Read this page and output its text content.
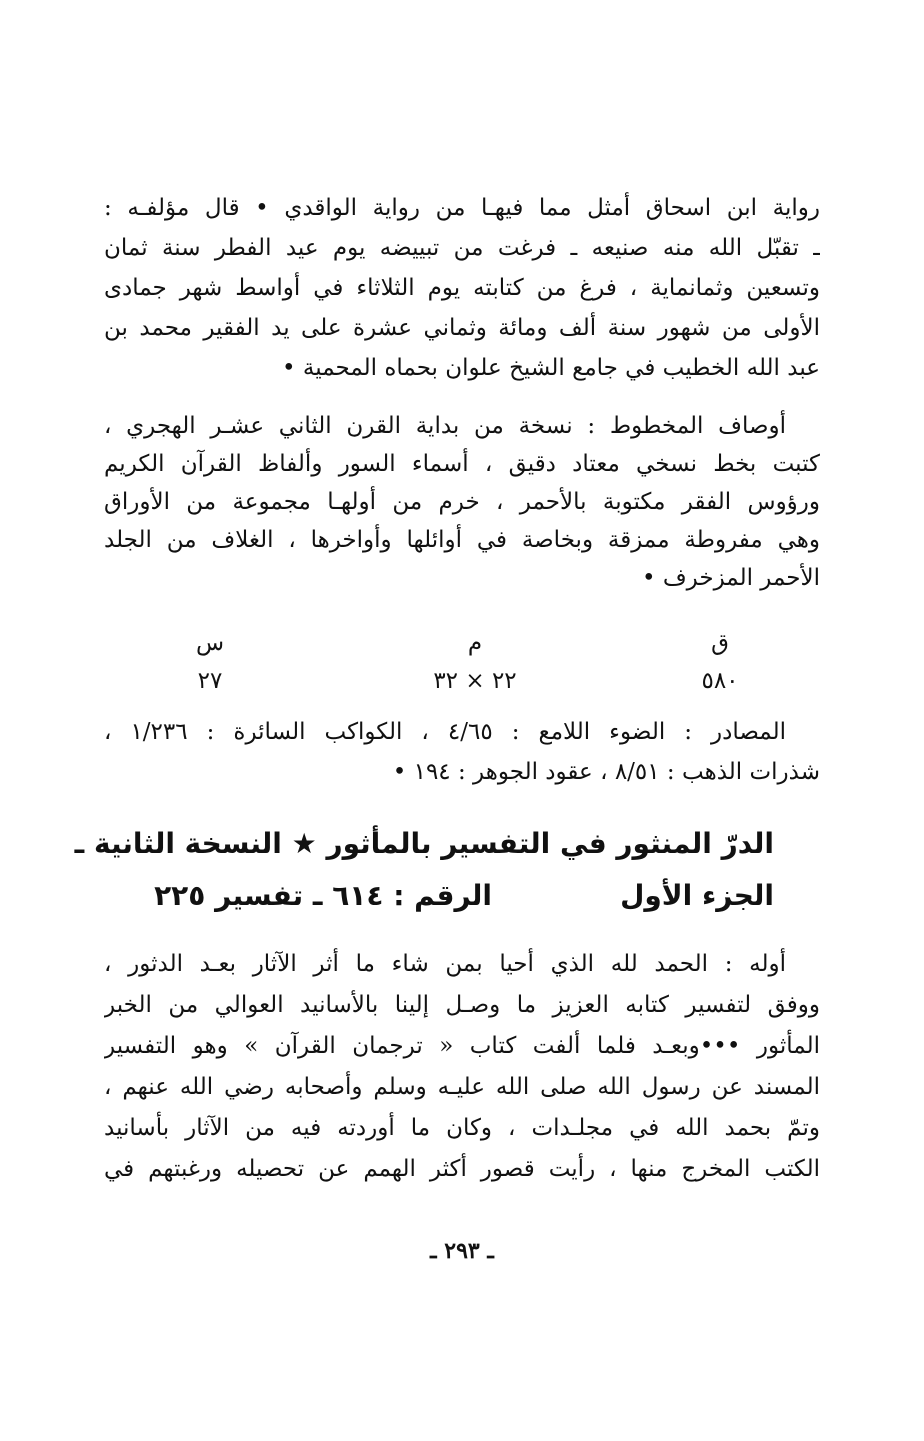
رواية ابن اسحاق أمثل مما فيهـا من رواية الواقدي • قال مؤلفـه :
ـ تقبّل الله منه صنيعه ـ فرغت من تبييضه يوم عيد الفطر سنة ثمان
وتسعين وثمانماية ، فرغ من كتابته يوم الثلاثاء في أواسط شهر جمادى
الأولى من شهور سنة ألف ومائة وثماني عشرة على يد الفقير محمد بن
عبد الله الخطيب في جامع الشيخ علوان بحماه المحمية •
أوصاف المخطوط : نسخة من بداية القرن الثاني عشـر الهجري ،
كتبت بخط نسخي معتاد دقيق ، أسماء السور وألفاظ القرآن الكريم
ورؤوس الفقر مكتوبة بالأحمر ، خرم من أولهـا مجموعة من الأوراق
وهي مفروطة ممزقة وبخاصة في أوائلها وأواخرها ، الغلاف من الجلد
الأحمر المزخرف •
ق
م
س
٥٨٠
٢٢ × ٣٢
٢٧
المصادر : الضوء اللامع : ٤/٦٥ ، الكواكب السائرة : ١/٢٣٦ ،
شذرات الذهب : ٨/٥١ ، عقود الجوهر : ١٩٤ •
الدرّ المنثور في التفسير بالمأثور ★ النسخة الثانية ـ
الجزء الأول
الرقم : ٦١٤ ـ تفسير ٢٢٥
أوله : الحمد لله الذي أحيا بمن شاء ما أثر الآثار بعـد الدثور ،
ووفق لتفسير كتابه العزيز ما وصـل إلينا بالأسانيد العوالي من الخبر
المأثور •••وبعـد فلما ألفت كتاب « ترجمان القرآن » وهو التفسير
المسند عن رسول الله صلى الله عليـه وسلم وأصحابه رضي الله عنهم ،
وتمّ بحمد الله في مجلـدات ، وكان ما أوردته فيه من الآثار بأسانيد
الكتب المخرج منها ، رأيت قصور أكثر الهمم عن تحصيله ورغبتهم في
ـ ٢٩٣ ـ
